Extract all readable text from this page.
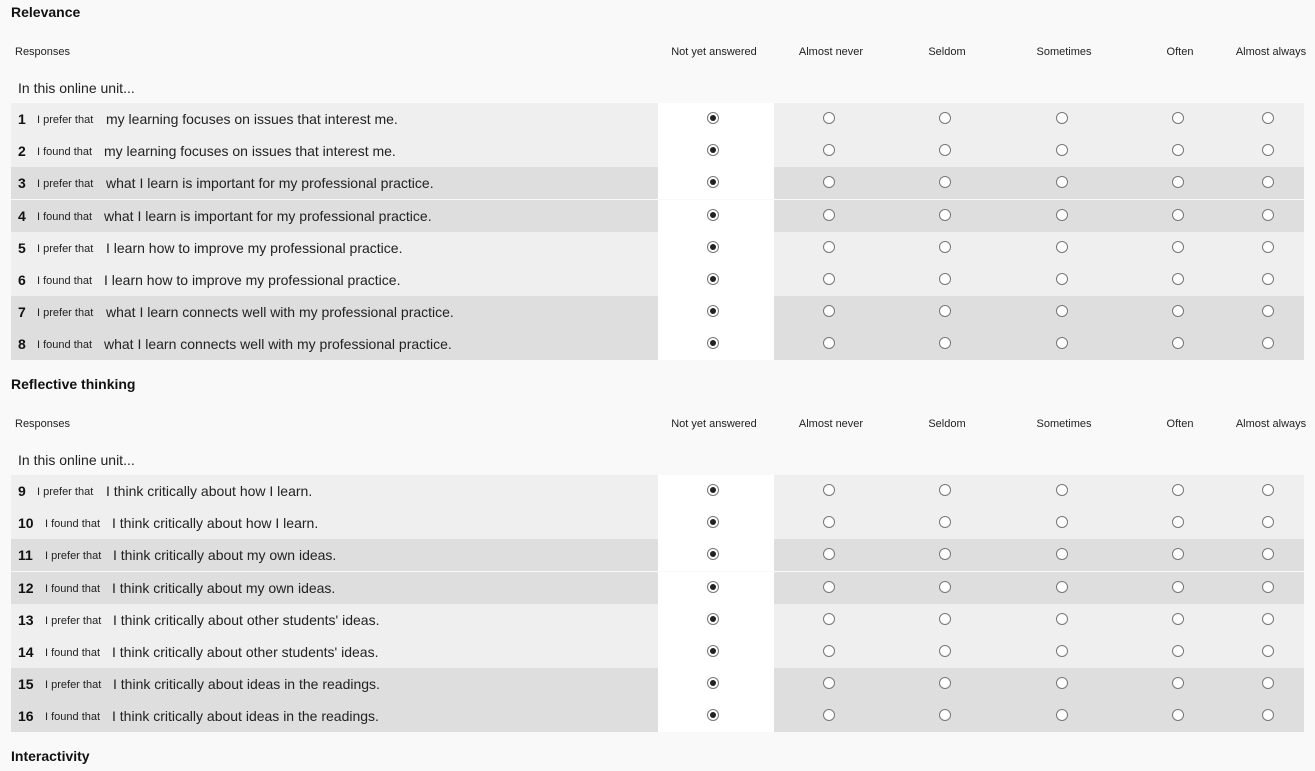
Relevance
Responses	Not yet answered	Almost never	Seldom	Sometimes	Often	Almost always
In this online unit...
1 I prefer that my learning focuses on issues that interest me.
2 I found that my learning focuses on issues that interest me.
3 I prefer that what I learn is important for my professional practice.
4 I found that what I learn is important for my professional practice.
5 I prefer that I learn how to improve my professional practice.
6 I found that I learn how to improve my professional practice.
7 I prefer that what I learn connects well with my professional practice.
8 I found that what I learn connects well with my professional practice.
Reflective thinking
Responses	Not yet answered	Almost never	Seldom	Sometimes	Often	Almost always
In this online unit...
9 I prefer that I think critically about how I learn.
10 I found that I think critically about how I learn.
11 I prefer that I think critically about my own ideas.
12 I found that I think critically about my own ideas.
13 I prefer that I think critically about other students' ideas.
14 I found that I think critically about other students' ideas.
15 I prefer that I think critically about ideas in the readings.
16 I found that I think critically about ideas in the readings.
Interactivity
